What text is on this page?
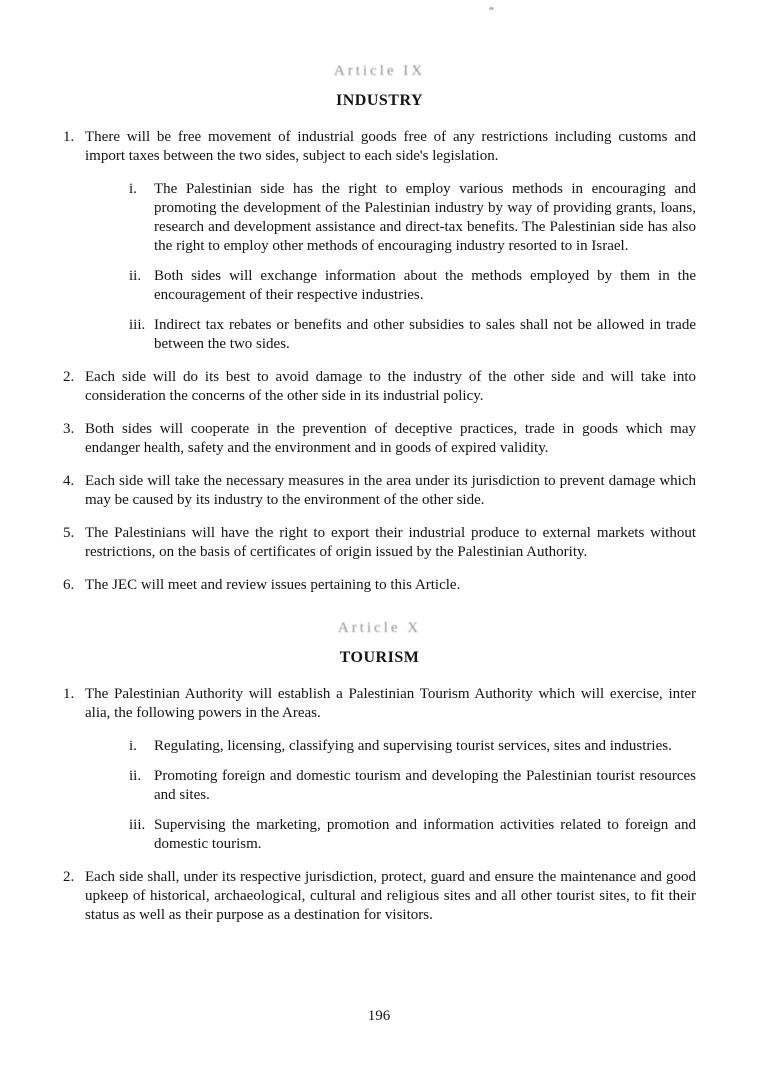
Article IX
INDUSTRY
1. There will be free movement of industrial goods free of any restrictions including customs and import taxes between the two sides, subject to each side's legislation.
i. The Palestinian side has the right to employ various methods in encouraging and promoting the development of the Palestinian industry by way of providing grants, loans, research and development assistance and direct-tax benefits. The Palestinian side has also the right to employ other methods of encouraging industry resorted to in Israel.
ii. Both sides will exchange information about the methods employed by them in the encouragement of their respective industries.
iii. Indirect tax rebates or benefits and other subsidies to sales shall not be allowed in trade between the two sides.
2. Each side will do its best to avoid damage to the industry of the other side and will take into consideration the concerns of the other side in its industrial policy.
3. Both sides will cooperate in the prevention of deceptive practices, trade in goods which may endanger health, safety and the environment and in goods of expired validity.
4. Each side will take the necessary measures in the area under its jurisdiction to prevent damage which may be caused by its industry to the environment of the other side.
5. The Palestinians will have the right to export their industrial produce to external markets without restrictions, on the basis of certificates of origin issued by the Palestinian Authority.
6. The JEC will meet and review issues pertaining to this Article.
Article X
TOURISM
1. The Palestinian Authority will establish a Palestinian Tourism Authority which will exercise, inter alia, the following powers in the Areas.
i. Regulating, licensing, classifying and supervising tourist services, sites and industries.
ii. Promoting foreign and domestic tourism and developing the Palestinian tourist resources and sites.
iii. Supervising the marketing, promotion and information activities related to foreign and domestic tourism.
2. Each side shall, under its respective jurisdiction, protect, guard and ensure the maintenance and good upkeep of historical, archaeological, cultural and religious sites and all other tourist sites, to fit their status as well as their purpose as a destination for visitors.
196
